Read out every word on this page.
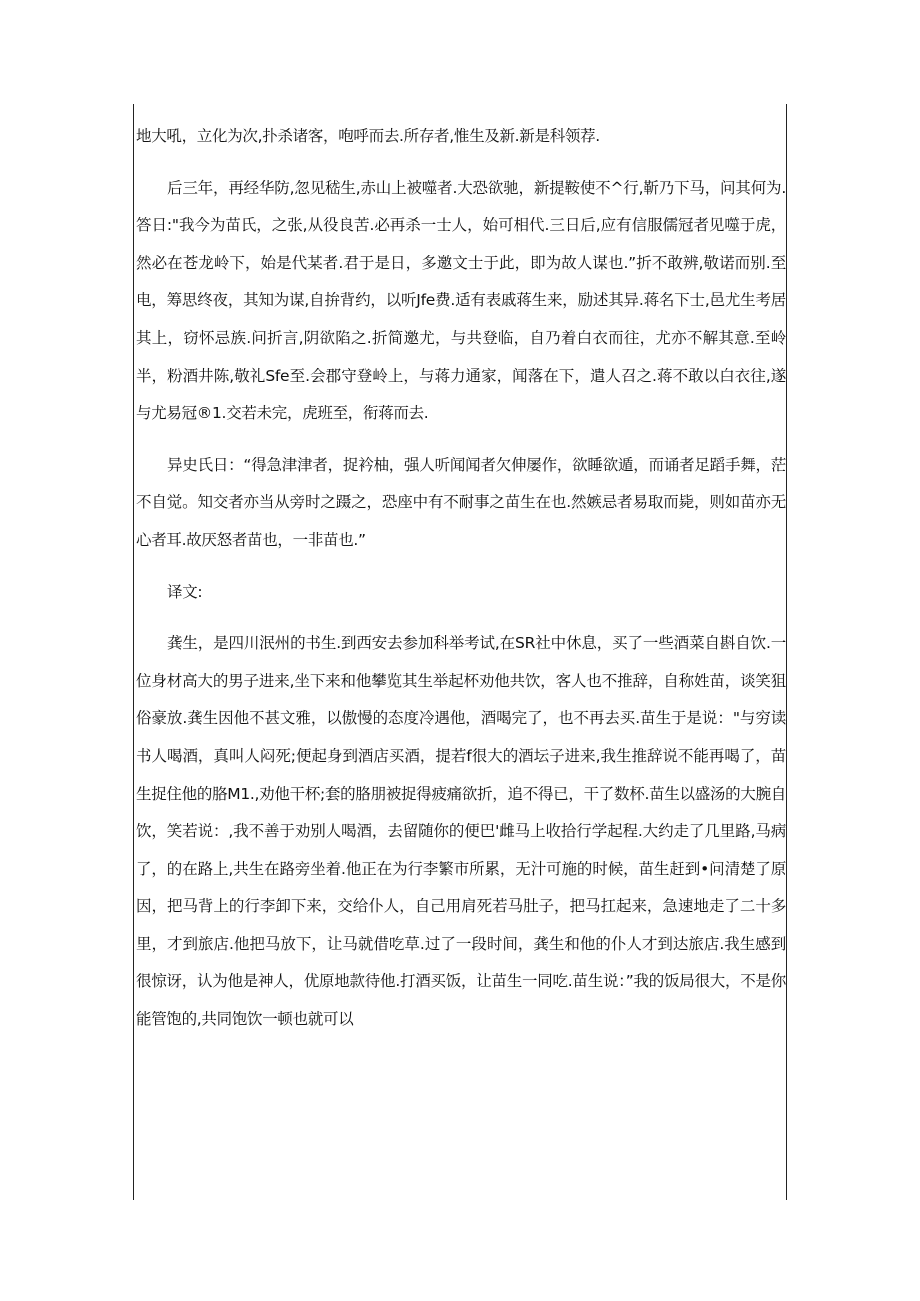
地大吼，立化为次,扑杀诸客，咆呼而去.所存者,惟生及新.新是科领荐.

后三年，再经华防,忽见嵇生,赤山上被噬者.大恐欲驰，新提鞍使不^行,靳乃下马，问其何为.答日:"我今为苗氏，之张,从役良苦.必再杀一士人，始可相代.三日后,应有信服儒冠者见噬于虎，然必在苍龙岭下，始是代某者.君于是日，多邀文士于此，即为故人谋也.”折不敢辨,敬诺而别.至电，筹思终夜，其知为谋,自拚背约，以听Jfe费.适有表戚蒋生来，励述其异.蒋名下士,邑尤生考居其上，窃怀忌族.问折言,阴欲陷之.折简邀尤，与共登临，自乃着白衣而往，尤亦不解其意.至岭半，粉酒井陈,敬礼Sfe至.会郡守登岭上，与蒋力通家，闻落在下，遣人召之.蒋不敢以白衣往,遂与尤易冠®1.交若未完，虎班至，衔蒋而去.

异史氏日：“得急津津者，捉衿柚，强人听闻闻者欠伸屡作，欲睡欲遁，而诵者足蹈手舞，茫不自觉。知交者亦当从旁时之蹑之，恐座中有不耐事之苗生在也.然嫉忌者易取而毙，则如苗亦无心者耳.故厌怒者苗也，一非苗也.”

译文:

龚生，是四川泯州的书生.到西安去参加科举考试,在SR社中休息，买了一些酒菜自斟自饮.一位身材高大的男子进来,坐下来和他攀览其生举起杯劝他共饮，客人也不推辞，自称姓苗，谈笑狙俗豪放.龚生因他不甚文雅，以傲慢的态度冷遇他，酒喝完了，也不再去买.苗生于是说："与穷读书人喝酒，真叫人闷死;便起身到酒店买酒，提若f很大的酒坛子进来,我生推辞说不能再喝了，苗生捉住他的胳M1.,劝他干杯;套的胳朋被捉得疲痛欲折，追不得已，干了数杯.苗生以盛汤的大腕自饮，笑若说：,我不善于劝别人喝酒，去留随你的便巴'雌马上收拾行学起程.大约走了几里路,马病了，的在路上,共生在路旁坐着.他正在为行李繁市所累，无汁可施的时候，苗生赶到•问清楚了原因，把马背上的行李卸下来，交给仆人，自己用肩死若马肚子，把马扛起来，急速地走了二十多里，才到旅店.他把马放下，让马就借吃草.过了一段时间，龚生和他的仆人才到达旅店.我生感到很惊讶，认为他是神人，优原地款待他.打酒买饭，让苗生一同吃.苗生说：”我的饭局很大，不是你能管饱的,共同饱饮一顿也就可以
